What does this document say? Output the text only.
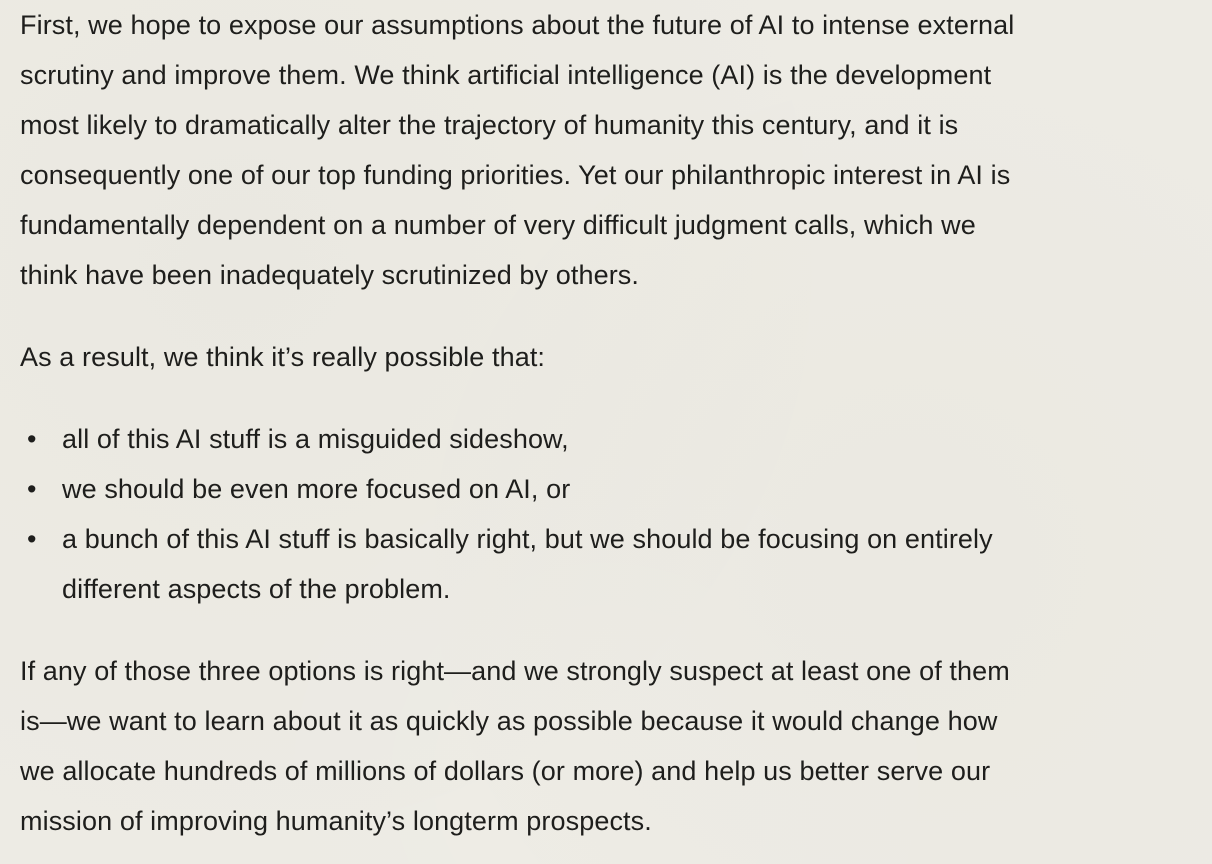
First, we hope to expose our assumptions about the future of AI to intense external
scrutiny and improve them. We think artificial intelligence (AI) is the development
most likely to dramatically alter the trajectory of humanity this century, and it is
consequently one of our top funding priorities. Yet our philanthropic interest in AI is
fundamentally dependent on a number of very difficult judgment calls, which we
think have been inadequately scrutinized by others.
As a result, we think it’s really possible that:
• all of this AI stuff is a misguided sideshow,
• we should be even more focused on AI, or
• a bunch of this AI stuff is basically right, but we should be focusing on entirely
different aspects of the problem.
If any of those three options is right—and we strongly suspect at least one of them
is—we want to learn about it as quickly as possible because it would change how
we allocate hundreds of millions of dollars (or more) and help us better serve our
mission of improving humanity’s longterm prospects.
